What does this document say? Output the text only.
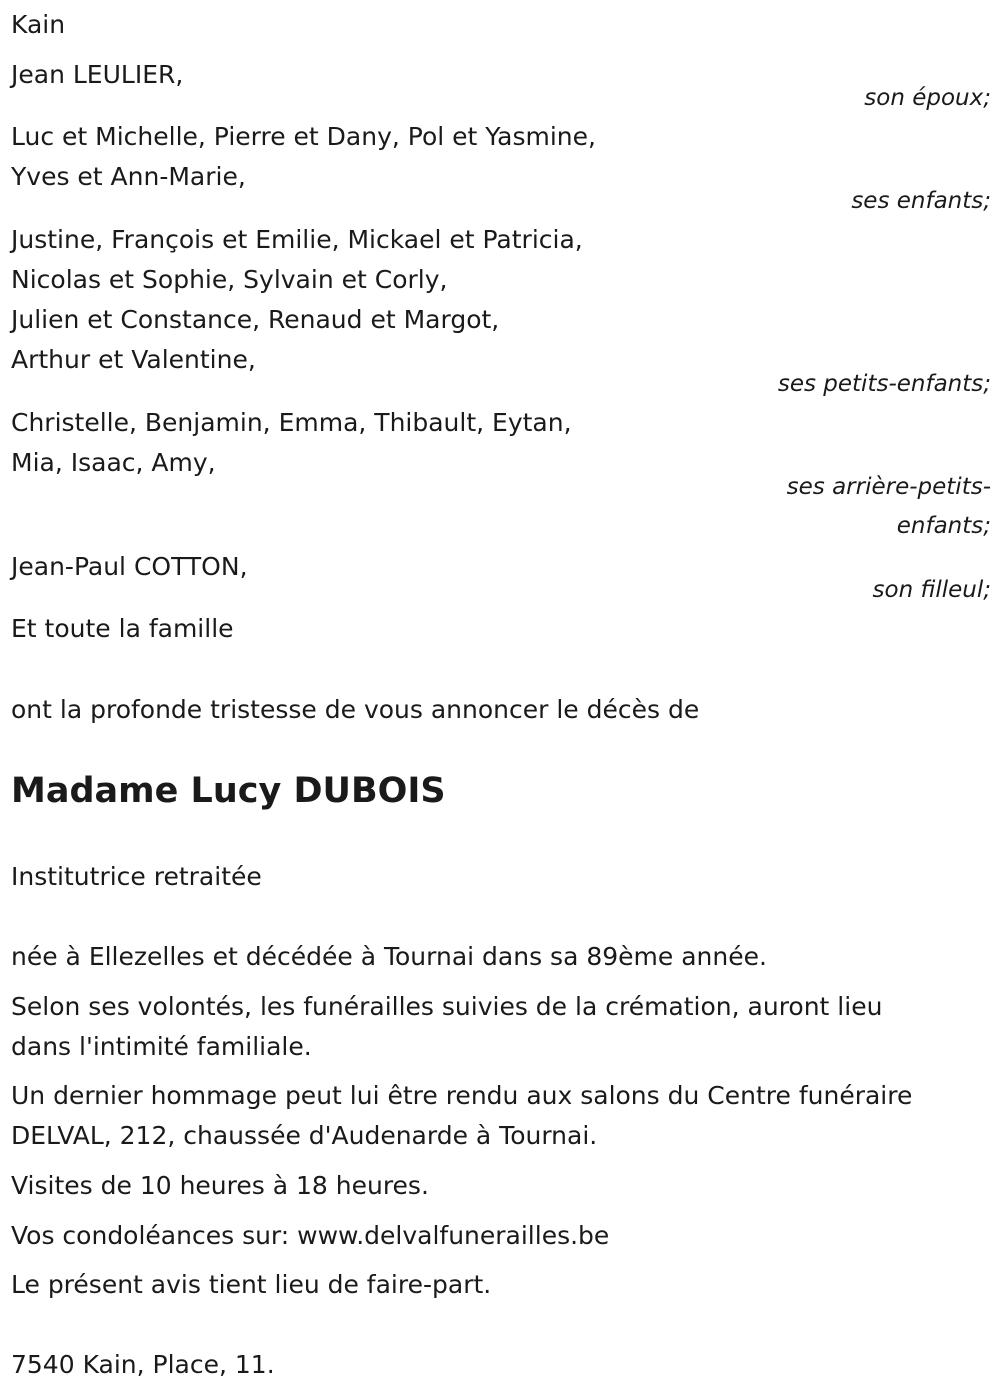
Kain
Jean LEULIER,
son époux;
Luc et Michelle, Pierre et Dany, Pol et Yasmine,
Yves et Ann-Marie,
ses enfants;
Justine, François et Emilie, Mickael et Patricia,
Nicolas et Sophie, Sylvain et Corly,
Julien et Constance, Renaud et Margot,
Arthur et Valentine,
ses petits-enfants;
Christelle, Benjamin, Emma, Thibault, Eytan,
Mia, Isaac, Amy,
ses arrière-petits-
enfants;
Jean-Paul COTTON,
son filleul;
Et toute la famille
ont la profonde tristesse de vous annoncer le décès de
Madame Lucy DUBOIS
Institutrice retraitée
née à Ellezelles et décédée à Tournai dans sa 89ème année.
Selon ses volontés, les funérailles suivies de la crémation, auront lieu
dans l'intimité familiale.
Un dernier hommage peut lui être rendu aux salons du Centre funéraire
DELVAL, 212, chaussée d'Audenarde à Tournai.
Visites de 10 heures à 18 heures.
Vos condoléances sur: www.delvalfunerailles.be
Le présent avis tient lieu de faire-part.
7540 Kain, Place, 11.
